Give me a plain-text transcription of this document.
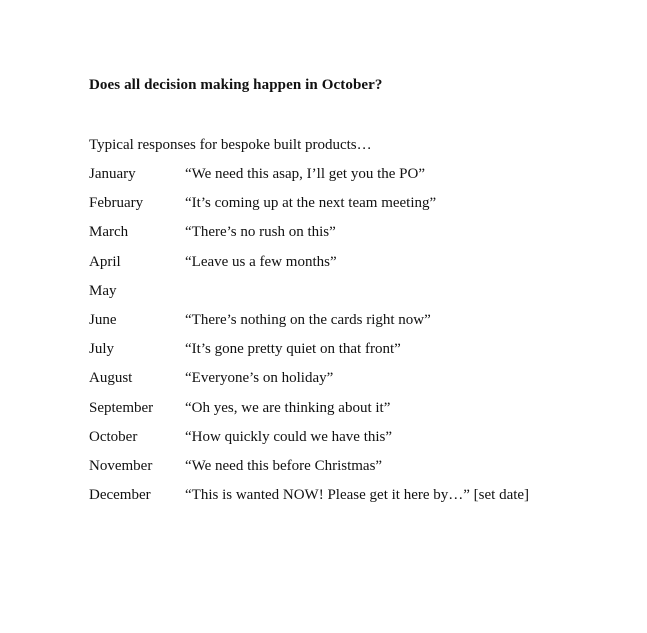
Does all decision making happen in October?
Typical responses for bespoke built products…
January	“We need this asap, I’ll get you the PO”
February	“It’s coming up at the next team meeting”
March	“There’s no rush on this”
April	“Leave us a few months”
May
June	“There’s nothing on the cards right now”
July	“It’s gone pretty quiet on that front”
August	“Everyone’s on holiday”
September	“Oh yes, we are thinking about it”
October	“How quickly could we have this”
November	“We need this before Christmas”
December	“This is wanted NOW! Please get it here by…” [set date]
